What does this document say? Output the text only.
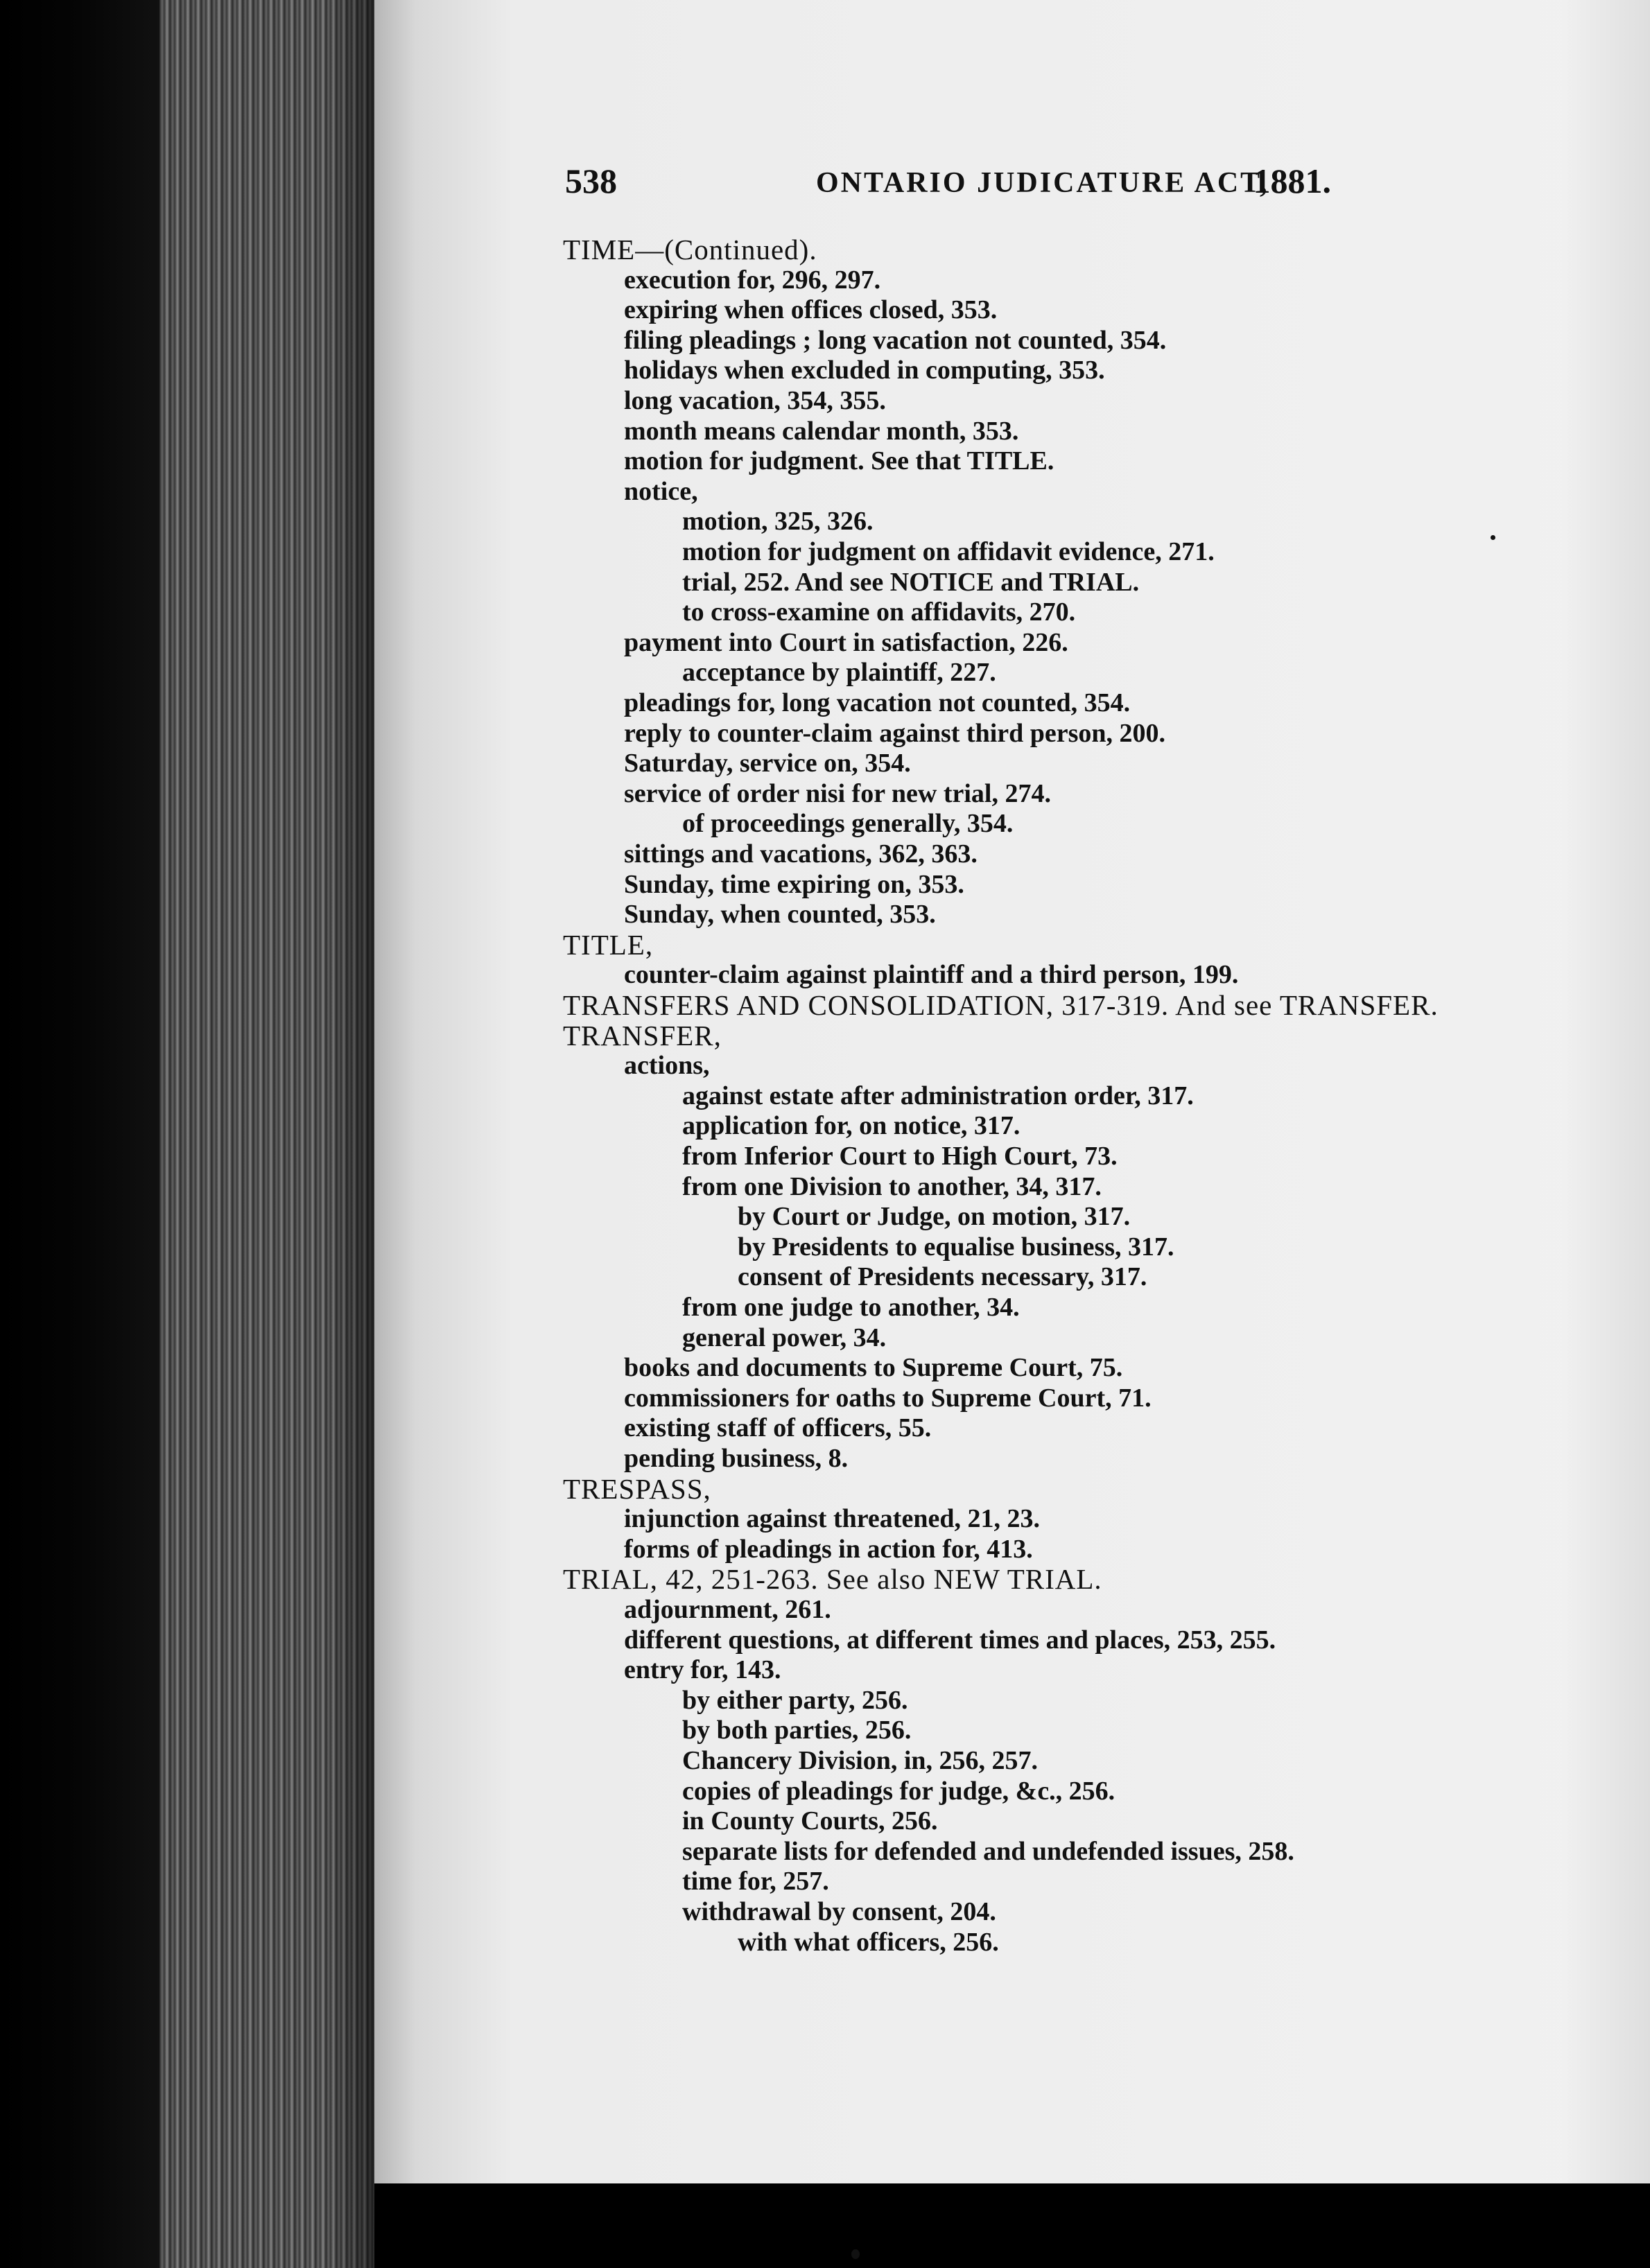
538	ONTARIO JUDICATURE ACT,
1881.
TIME—(Continued).
execution for, 296, 297.
expiring when offices closed, 353.
filing pleadings ; long vacation not counted, 354.
holidays when excluded in computing, 353.
long vacation, 354, 355.
month means calendar month, 353.
motion for judgment. See that TITLE.
notice,
motion, 325, 326.
motion for judgment on affidavit evidence, 271.
trial, 252. And see NOTICE and TRIAL.
to cross-examine on affidavits, 270.
payment into Court in satisfaction, 226.
acceptance by plaintiff, 227.
pleadings for, long vacation not counted, 354.
reply to counter-claim against third person, 200.
Saturday, service on, 354.
service of order nisi for new trial, 274.
of proceedings generally, 354.
sittings and vacations, 362, 363.
Sunday, time expiring on, 353.
Sunday, when counted, 353.
TITLE,
counter-claim against plaintiff and a third person, 199.
TRANSFERS AND CONSOLIDATION, 317-319. And see TRANSFER.
TRANSFER,
actions,
against estate after administration order, 317.
application for, on notice, 317.
from Inferior Court to High Court, 73.
from one Division to another, 34, 317.
by Court or Judge, on motion, 317.
by Presidents to equalise business, 317.
consent of Presidents necessary, 317.
from one judge to another, 34.
general power, 34.
books and documents to Supreme Court, 75.
commissioners for oaths to Supreme Court, 71.
existing staff of officers, 55.
pending business, 8.
TRESPASS,
injunction against threatened, 21, 23.
forms of pleadings in action for, 413.
TRIAL, 42, 251-263. See also NEW TRIAL.
adjournment, 261.
different questions, at different times and places, 253, 255.
entry for, 143.
by either party, 256.
by both parties, 256.
Chancery Division, in, 256, 257.
copies of pleadings for judge, &c., 256.
in County Courts, 256.
separate lists for defended and undefended issues, 258.
time for, 257.
withdrawal by consent, 204.
with what officers, 256.
